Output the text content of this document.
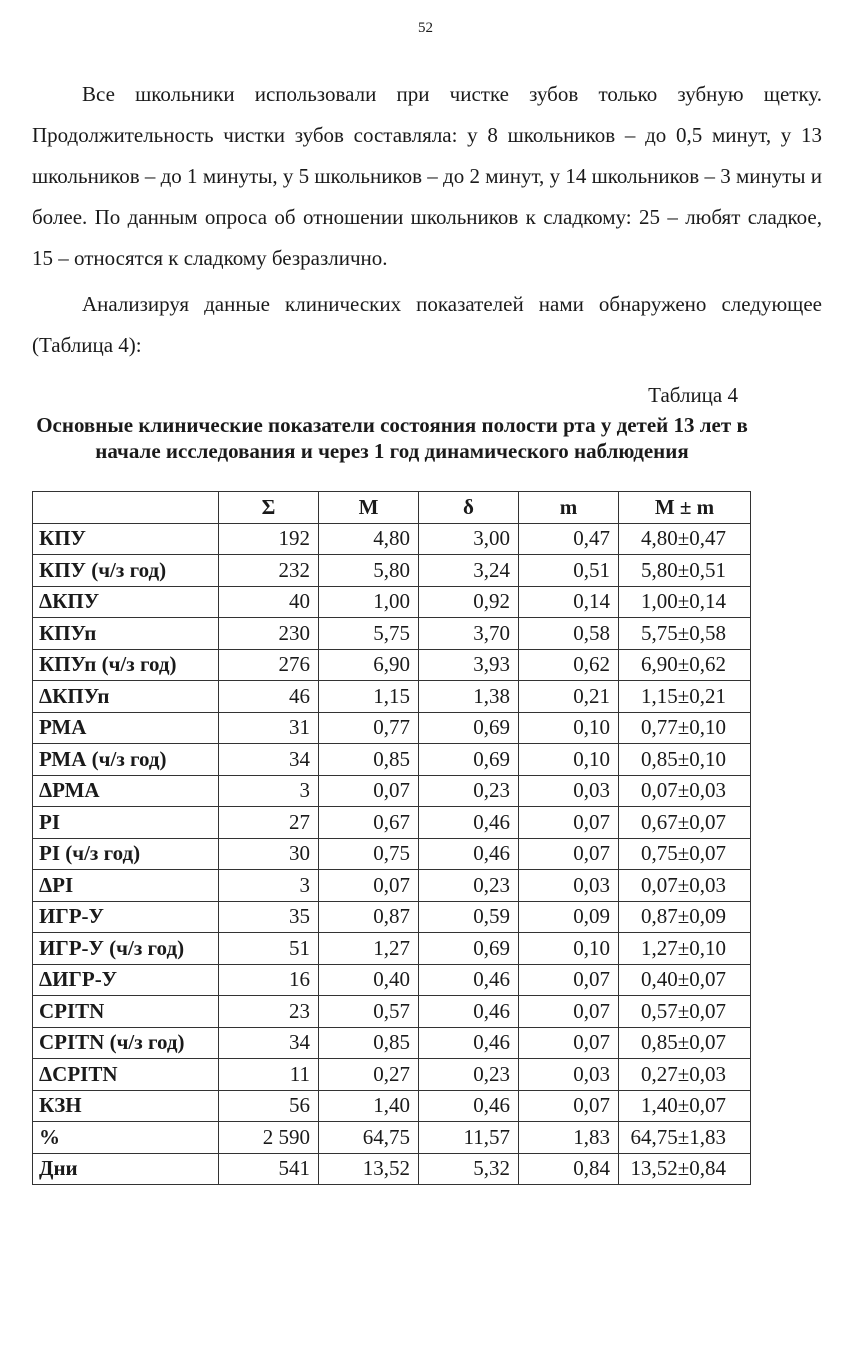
52

Все школьники использовали при чистке зубов только зубную щетку. Продолжительность чистки зубов составляла: у 8 школьников – до 0,5 минут, у 13 школьников – до 1 минуты, у 5 школьников – до 2 минут, у 14 школьников – 3 минуты и более. По данным опроса об отношении школьников к сладкому: 25 – любят сладкое, 15 – относятся к сладкому безразлично.

Анализируя данные клинических показателей нами обнаружено следующее (Таблица 4):

Таблица 4

Основные клинические показатели состояния полости рта у детей 13 лет в начале исследования и через 1 год динамического наблюдения

	Σ	M	δ	m	M ± m
КПУ	192	4,80	3,00	0,47	4,80±0,47
КПУ (ч/з год)	232	5,80	3,24	0,51	5,80±0,51
ΔКПУ	40	1,00	0,92	0,14	1,00±0,14
КПУп	230	5,75	3,70	0,58	5,75±0,58
КПУп (ч/з год)	276	6,90	3,93	0,62	6,90±0,62
ΔКПУп	46	1,15	1,38	0,21	1,15±0,21
РМА	31	0,77	0,69	0,10	0,77±0,10
РМА (ч/з год)	34	0,85	0,69	0,10	0,85±0,10
ΔРМА	3	0,07	0,23	0,03	0,07±0,03
PI	27	0,67	0,46	0,07	0,67±0,07
PI (ч/з год)	30	0,75	0,46	0,07	0,75±0,07
ΔPI	3	0,07	0,23	0,03	0,07±0,03
ИГР-У	35	0,87	0,59	0,09	0,87±0,09
ИГР-У (ч/з год)	51	1,27	0,69	0,10	1,27±0,10
ΔИГР-У	16	0,40	0,46	0,07	0,40±0,07
CPITN	23	0,57	0,46	0,07	0,57±0,07
CPITN (ч/з год)	34	0,85	0,46	0,07	0,85±0,07
ΔCPITN	11	0,27	0,23	0,03	0,27±0,03
КЗН	56	1,40	0,46	0,07	1,40±0,07
%	2 590	64,75	11,57	1,83	64,75±1,83
Дни	541	13,52	5,32	0,84	13,52±0,84
